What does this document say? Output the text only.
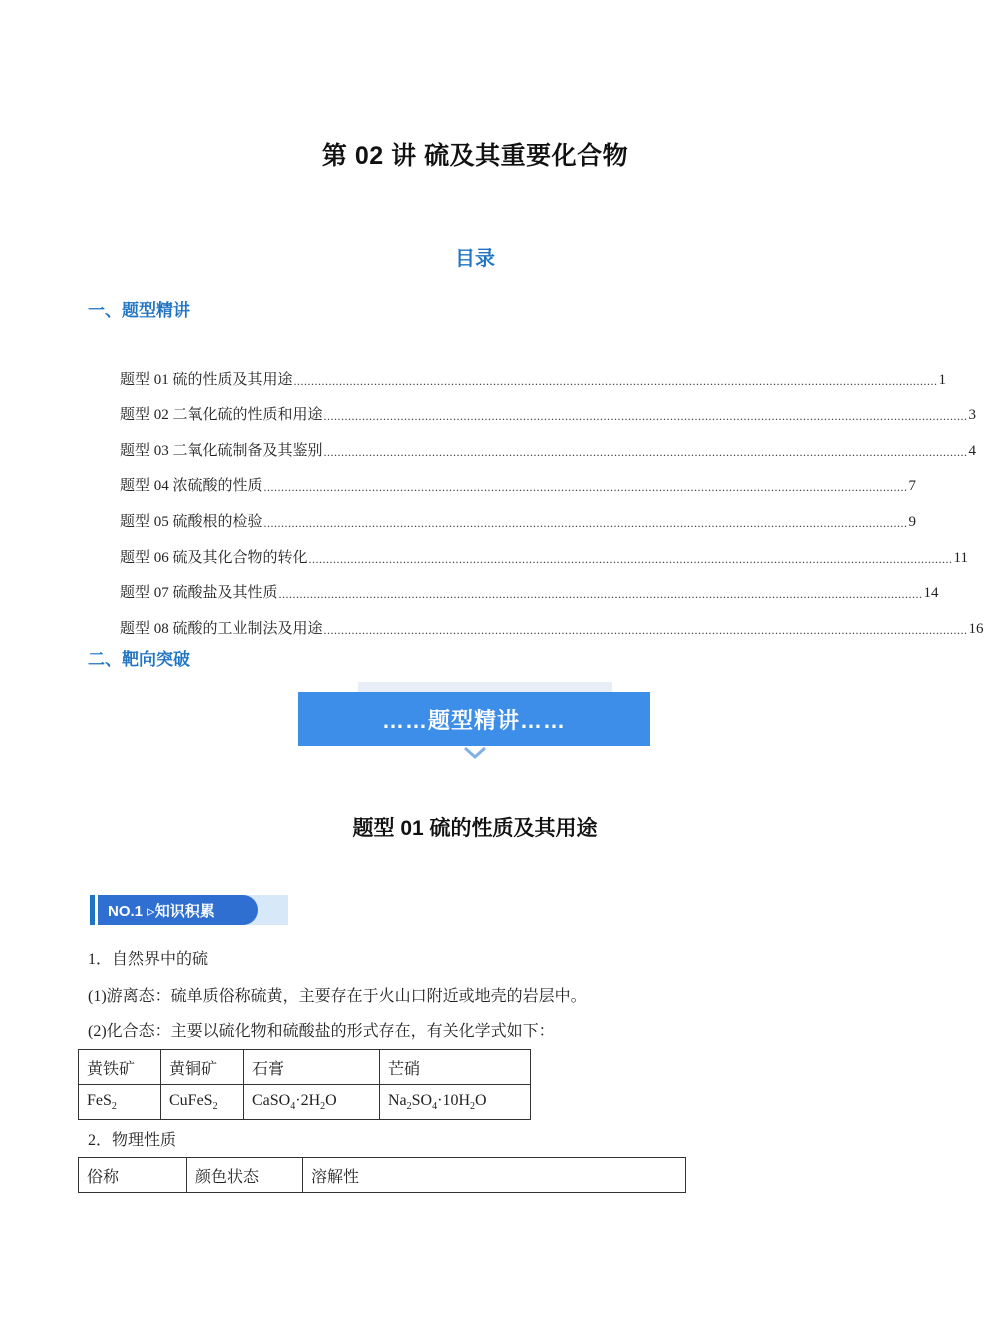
第 02 讲 硫及其重要化合物
目录
一、题型精讲
题型 01 硫的性质及其用途 ........................................................................................................................................................................................ 1
题型 02 二氧化硫的性质和用途 ........................................................................................................................................................................................ 3
题型 03 二氧化硫制备及其鉴别 ........................................................................................................................................................................................ 4
题型 04 浓硫酸的性质 ........................................................................................................................................................................................ 7
题型 05 硫酸根的检验 ........................................................................................................................................................................................ 9
题型 06 硫及其化合物的转化 ........................................................................................................................................................................................ 11
题型 07 硫酸盐及其性质 ........................................................................................................................................................................................ 14
题型 08 硫酸的工业制法及用途 ........................................................................................................................................................................................ 16
二、靶向突破
……题型精讲……
题型 01 硫的性质及其用途
NO.1 ▹知识积累
1．自然界中的硫
(1)游离态：硫单质俗称硫黄，主要存在于火山口附近或地壳的岩层中。
(2)化合态：主要以硫化物和硫酸盐的形式存在，有关化学式如下：
黄铁矿	黄铜矿	石膏	芒硝
FeS$_2$	CuFeS$_2$	$CaSO_4\cdot 2H_2O$	$Na_2SO_4\cdot 10H_2O$
2．物理性质
俗称	颜色状态	溶解性
